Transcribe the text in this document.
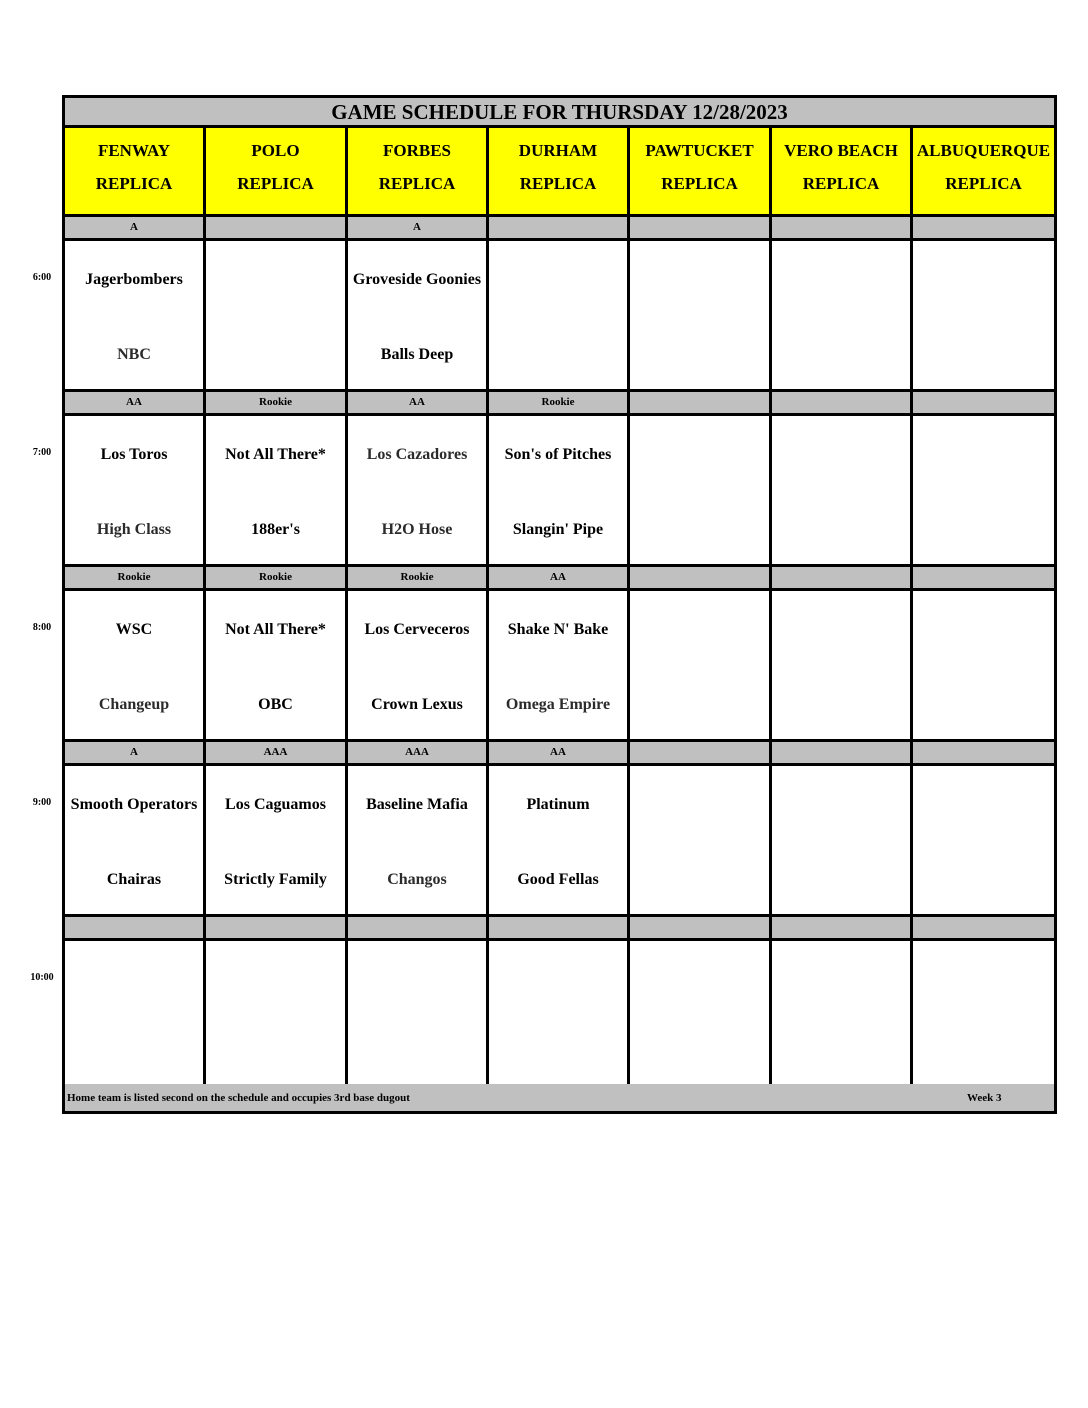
GAME SCHEDULE FOR THURSDAY 12/28/2023
FENWAY
REPLICA
POLO
REPLICA
FORBES
REPLICA
DURHAM
REPLICA
PAWTUCKET
REPLICA
VERO BEACH
REPLICA
ALBUQUERQUE
REPLICA
A
Jagerbombers
NBC
A
Groveside Goonies
Balls Deep
AA
Los Toros
High Class
Rookie
Not All There*
188er's
AA
Los Cazadores
H2O Hose
Rookie
Son's of Pitches
Slangin' Pipe
Rookie
WSC
Changeup
Rookie
Not All There*
OBC
Rookie
Los Cerveceros
Crown Lexus
AA
Shake N' Bake
Omega Empire
A
Smooth Operators
Chairas
AAA
Los Caguamos
Strictly Family
AAA
Baseline Mafia
Changos
AA
Platinum
Good Fellas
Home team is listed second on the schedule and occupies 3rd base dugout	Week 3
6:00
7:00
8:00
9:00
10:00
